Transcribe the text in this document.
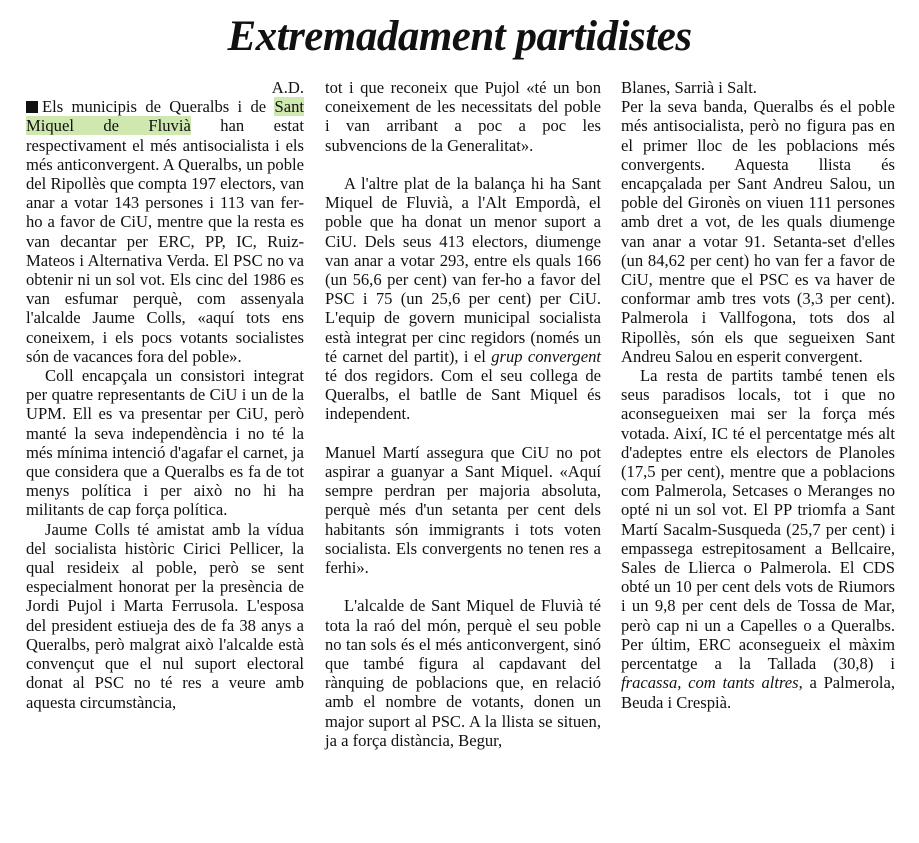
Extremadament partidistes

A.D.

Els municipis de Queralbs i de Sant Miquel de Fluvià han estat respectivament el més antisocialista i els més anticonvergent. A Queralbs, un poble del Ripollès que compta 197 electors, van anar a votar 143 persones i 113 van fer-ho a favor de CiU, mentre que la resta es van decantar per ERC, PP, IC, Ruiz-Mateos i Alternativa Verda. El PSC no va obtenir ni un sol vot. Els cinc del 1986 es van esfumar perquè, com assenyala l'alcalde Jaume Colls, «aquí tots ens coneixem, i els pocs votants socialistes són de vacances fora del poble».

Coll encapçala un consistori integrat per quatre representants de CiU i un de la UPM. Ell es va presentar per CiU, però manté la seva independència i no té la més mínima intenció d'agafar el carnet, ja que considera que a Queralbs es fa de tot menys política i per això no hi ha militants de cap força política.

Jaume Colls té amistat amb la vídua del socialista històric Cirici Pellicer, la qual resideix al poble, però se sent especialment honorat per la presència de Jordi Pujol i Marta Ferrusola. L'esposa del president estiueja des de fa 38 anys a Queralbs, però malgrat això l'alcalde està convençut que el nul suport electoral donat al PSC no té res a veure amb aquesta circumstància,

tot i que reconeix que Pujol «té un bon coneixement de les necessitats del poble i van arribant a poc a poc les subvencions de la Generalitat».

A l'altre plat de la balança hi ha Sant Miquel de Fluvià, a l'Alt Empordà, el poble que ha donat un menor suport a CiU. Dels seus 413 electors, diumenge van anar a votar 293, entre els quals 166 (un 56,6 per cent) van fer-ho a favor del PSC i 75 (un 25,6 per cent) per CiU. L'equip de govern municipal socialista està integrat per cinc regidors (només un té carnet del partit), i el grup convergent té dos regidors. Com el seu collega de Queralbs, el batlle de Sant Miquel és independent.

Manuel Martí assegura que CiU no pot aspirar a guanyar a Sant Miquel. «Aquí sempre perdran per majoria absoluta, perquè més d'un setanta per cent dels habitants són immigrants i tots voten socialista. Els convergents no tenen res a ferhi».

L'alcalde de Sant Miquel de Fluvià té tota la raó del món, perquè el seu poble no tan sols és el més anticonvergent, sinó que també figura al capdavant del rànquing de poblacions que, en relació amb el nombre de votants, donen un major suport al PSC. A la llista se situen, ja a força distància, Begur,

Blanes, Sarrià i Salt.

Per la seva banda, Queralbs és el poble més antisocialista, però no figura pas en el primer lloc de les poblacions més convergents. Aquesta llista és encapçalada per Sant Andreu Salou, un poble del Gironès on viuen 111 persones amb dret a vot, de les quals diumenge van anar a votar 91. Setanta-set d'elles (un 84,62 per cent) ho van fer a favor de CiU, mentre que el PSC es va haver de conformar amb tres vots (3,3 per cent). Palmerola i Vallfogona, tots dos al Ripollès, són els que segueixen Sant Andreu Salou en esperit convergent.

La resta de partits també tenen els seus paradisos locals, tot i que no aconsegueixen mai ser la força més votada. Així, IC té el percentatge més alt d'adeptes entre els electors de Planoles (17,5 per cent), mentre que a poblacions com Palmerola, Setcases o Meranges no opté ni un sol vot. El PP triomfa a Sant Martí Sacalm-Susqueda (25,7 per cent) i empassega estrepitosament a Bellcaire, Sales de Llierca o Palmerola. El CDS obté un 10 per cent dels vots de Riumors i un 9,8 per cent dels de Tossa de Mar, però cap ni un a Capelles o a Queralbs. Per últim, ERC aconsegueix el màxim percentatge a la Tallada (30,8) i fracassa, com tants altres, a Palmerola, Beuda i Crespià.
